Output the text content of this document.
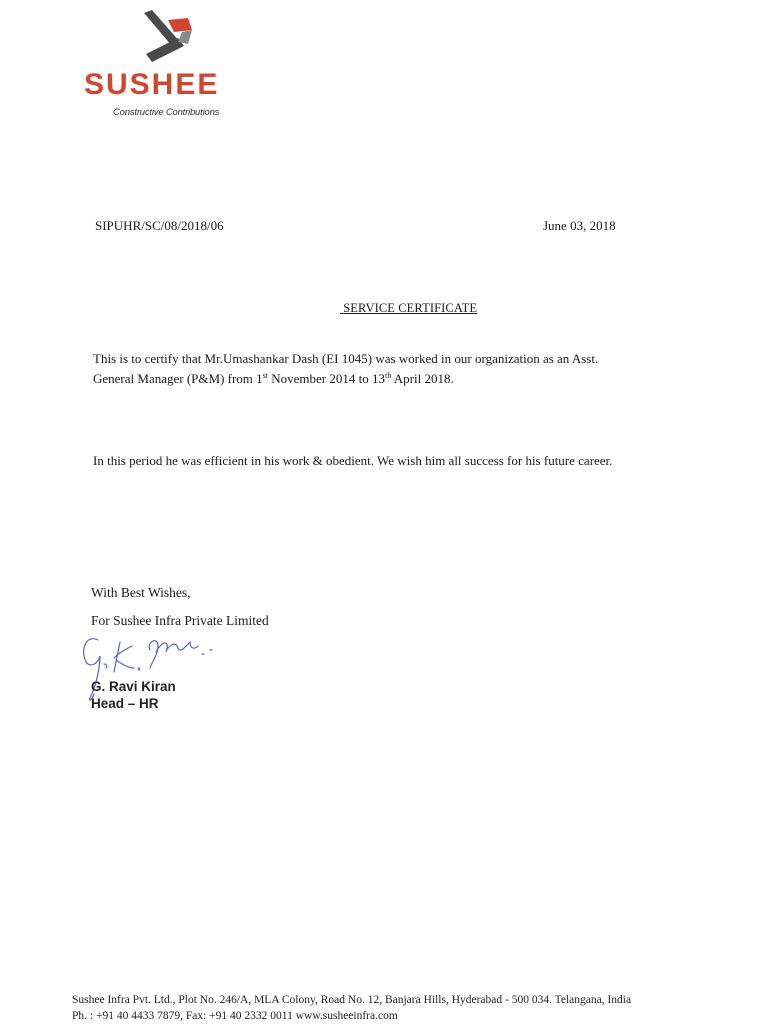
SUSHEE
Constructive Contributions
SIPUHR/SC/08/2018/06	June 03, 2018
SERVICE CERTIFICATE
This is to certify that Mr.Umashankar Dash (EI 1045) was worked in our organization as an Asst. General Manager (P&M) from 1st November 2014 to 13th April 2018.
In this period he was efficient in his work & obedient. We wish him all success for his future career.
With Best Wishes,
For Sushee Infra Private Limited
G. Ravi Kiran
Head – HR
Sushee Infra Pvt. Ltd., Plot No. 246/A, MLA Colony, Road No. 12, Banjara Hills, Hyderabad - 500 034. Telangana, India
Ph. : +91 40 4433 7879, Fax: +91 40 2332 0011 www.susheeinfra.com
